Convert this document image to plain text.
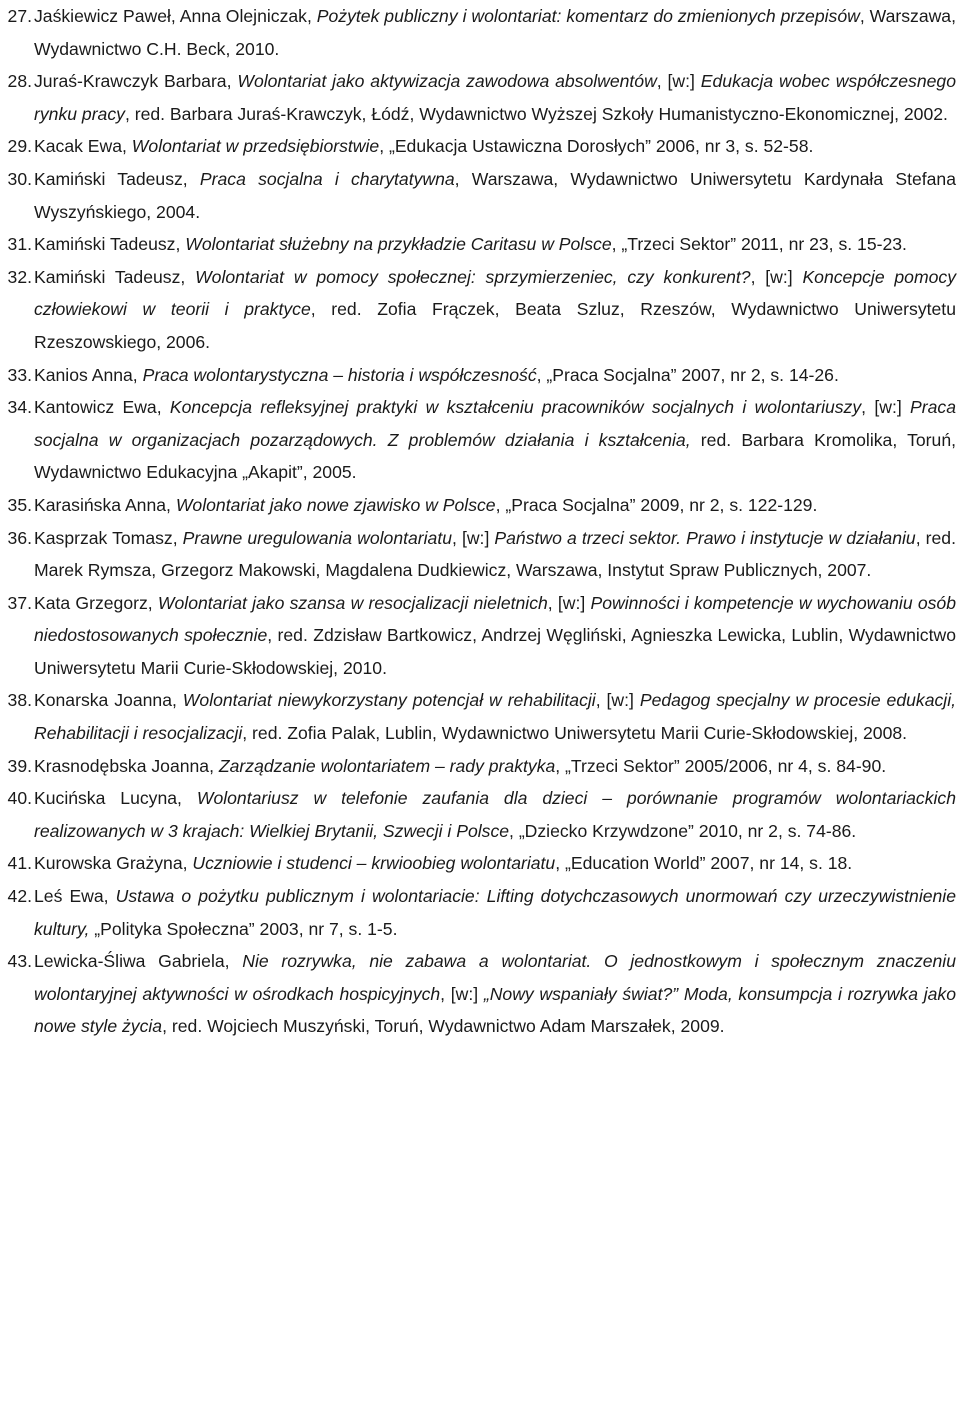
27. Jaśkiewicz Paweł, Anna Olejniczak, Pożytek publiczny i wolontariat: komentarz do zmienionych przepisów, Warszawa, Wydawnictwo C.H. Beck, 2010.
28. Juraś-Krawczyk Barbara, Wolontariat jako aktywizacja zawodowa absolwentów, [w:] Edukacja wobec współczesnego rynku pracy, red. Barbara Juraś-Krawczyk, Łódź, Wydawnictwo Wyższej Szkoły Humanistyczno-Ekonomicznej, 2002.
29. Kacak Ewa, Wolontariat w przedsiębiorstwie, „Edukacja Ustawiczna Dorosłych” 2006, nr 3, s. 52-58.
30. Kamiński Tadeusz, Praca socjalna i charytatywna, Warszawa, Wydawnictwo Uniwersytetu Kardynała Stefana Wyszyńskiego, 2004.
31. Kamiński Tadeusz, Wolontariat służebny na przykładzie Caritasu w Polsce, „Trzeci Sektor” 2011, nr 23, s. 15-23.
32. Kamiński Tadeusz, Wolontariat w pomocy społecznej: sprzymierzeniec, czy konkurent?, [w:] Koncepcje pomocy człowiekowi w teorii i praktyce, red. Zofia Frączek, Beata Szluz, Rzeszów, Wydawnictwo Uniwersytetu Rzeszowskiego, 2006.
33. Kanios Anna, Praca wolontarystyczna – historia i współczesność, „Praca Socjalna” 2007, nr 2, s. 14-26.
34. Kantowicz Ewa, Koncepcja refleksyjnej praktyki w kształceniu pracowników socjalnych i wolontariuszy, [w:] Praca socjalna w organizacjach pozarządowych. Z problemów działania i kształcenia, red. Barbara Kromolika, Toruń, Wydawnictwo Edukacyjna „Akapit”, 2005.
35. Karasińska Anna, Wolontariat jako nowe zjawisko w Polsce, „Praca Socjalna” 2009, nr 2, s. 122-129.
36. Kasprzak Tomasz, Prawne uregulowania wolontariatu, [w:] Państwo a trzeci sektor. Prawo i instytucje w działaniu, red. Marek Rymsza, Grzegorz Makowski, Magdalena Dudkiewicz, Warszawa, Instytut Spraw Publicznych, 2007.
37. Kata Grzegorz, Wolontariat jako szansa w resocjalizacji nieletnich, [w:] Powinności i kompetencje w wychowaniu osób niedostosowanych społecznie, red. Zdzisław Bartkowicz, Andrzej Węgliński, Agnieszka Lewicka, Lublin, Wydawnictwo Uniwersytetu Marii Curie-Skłodowskiej, 2010.
38. Konarska Joanna, Wolontariat niewykorzystany potencjał w rehabilitacji, [w:] Pedagog specjalny w procesie edukacji, Rehabilitacji i resocjalizacji, red. Zofia Palak, Lublin, Wydawnictwo Uniwersytetu Marii Curie-Skłodowskiej, 2008.
39. Krasnodębska Joanna, Zarządzanie wolontariatem – rady praktyka, „Trzeci Sektor” 2005/2006, nr 4, s. 84-90.
40. Kucińska Lucyna, Wolontariusz w telefonie zaufania dla dzieci – porównanie programów wolontariackich realizowanych w 3 krajach: Wielkiej Brytanii, Szwecji i Polsce, „Dziecko Krzywdzone” 2010, nr 2, s. 74-86.
41. Kurowska Grażyna, Uczniowie i studenci – krwioobieg wolontariatu, „Education World” 2007, nr 14, s. 18.
42. Leś Ewa, Ustawa o pożytku publicznym i wolontariacie: Lifting dotychczasowych unormowań czy urzeczywistnienie kultury, „Polityka Społeczna” 2003, nr 7, s. 1-5.
43. Lewicka-Śliwa Gabriela, Nie rozrywka, nie zabawa a wolontariat. O jednostkowym i społecznym znaczeniu wolontaryjnej aktywności w ośrodkach hospicyjnych, [w:] „Nowy wspaniały świat?” Moda, konsumpcja i rozrywka jako nowe style życia, red. Wojciech Muszyński, Toruń, Wydawnictwo Adam Marszałek, 2009.
